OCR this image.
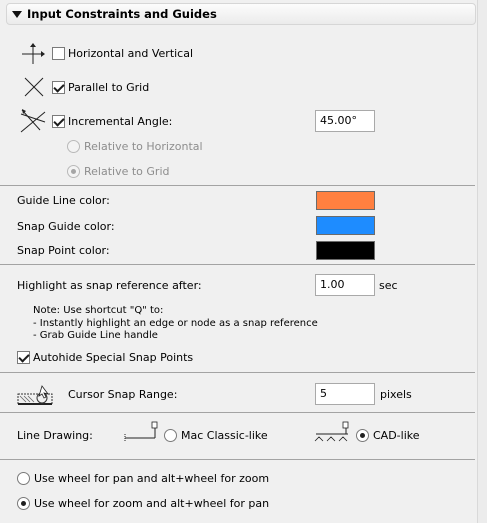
Input Constraints and Guides
Horizontal and Vertical
Parallel to Grid
Incremental Angle:	45.00°
Relative to Horizontal
Relative to Grid
Guide Line color:
Snap Guide color:
Snap Point color:
Highlight as snap reference after:	1.00	sec
Note: Use shortcut "Q" to:
- Instantly highlight an edge or node as a snap reference
- Grab Guide Line handle
Autohide Special Snap Points
Cursor Snap Range:	5	pixels
Line Drawing:	Mac Classic-like	CAD-like
Use wheel for pan and alt+wheel for zoom
Use wheel for zoom and alt+wheel for pan
